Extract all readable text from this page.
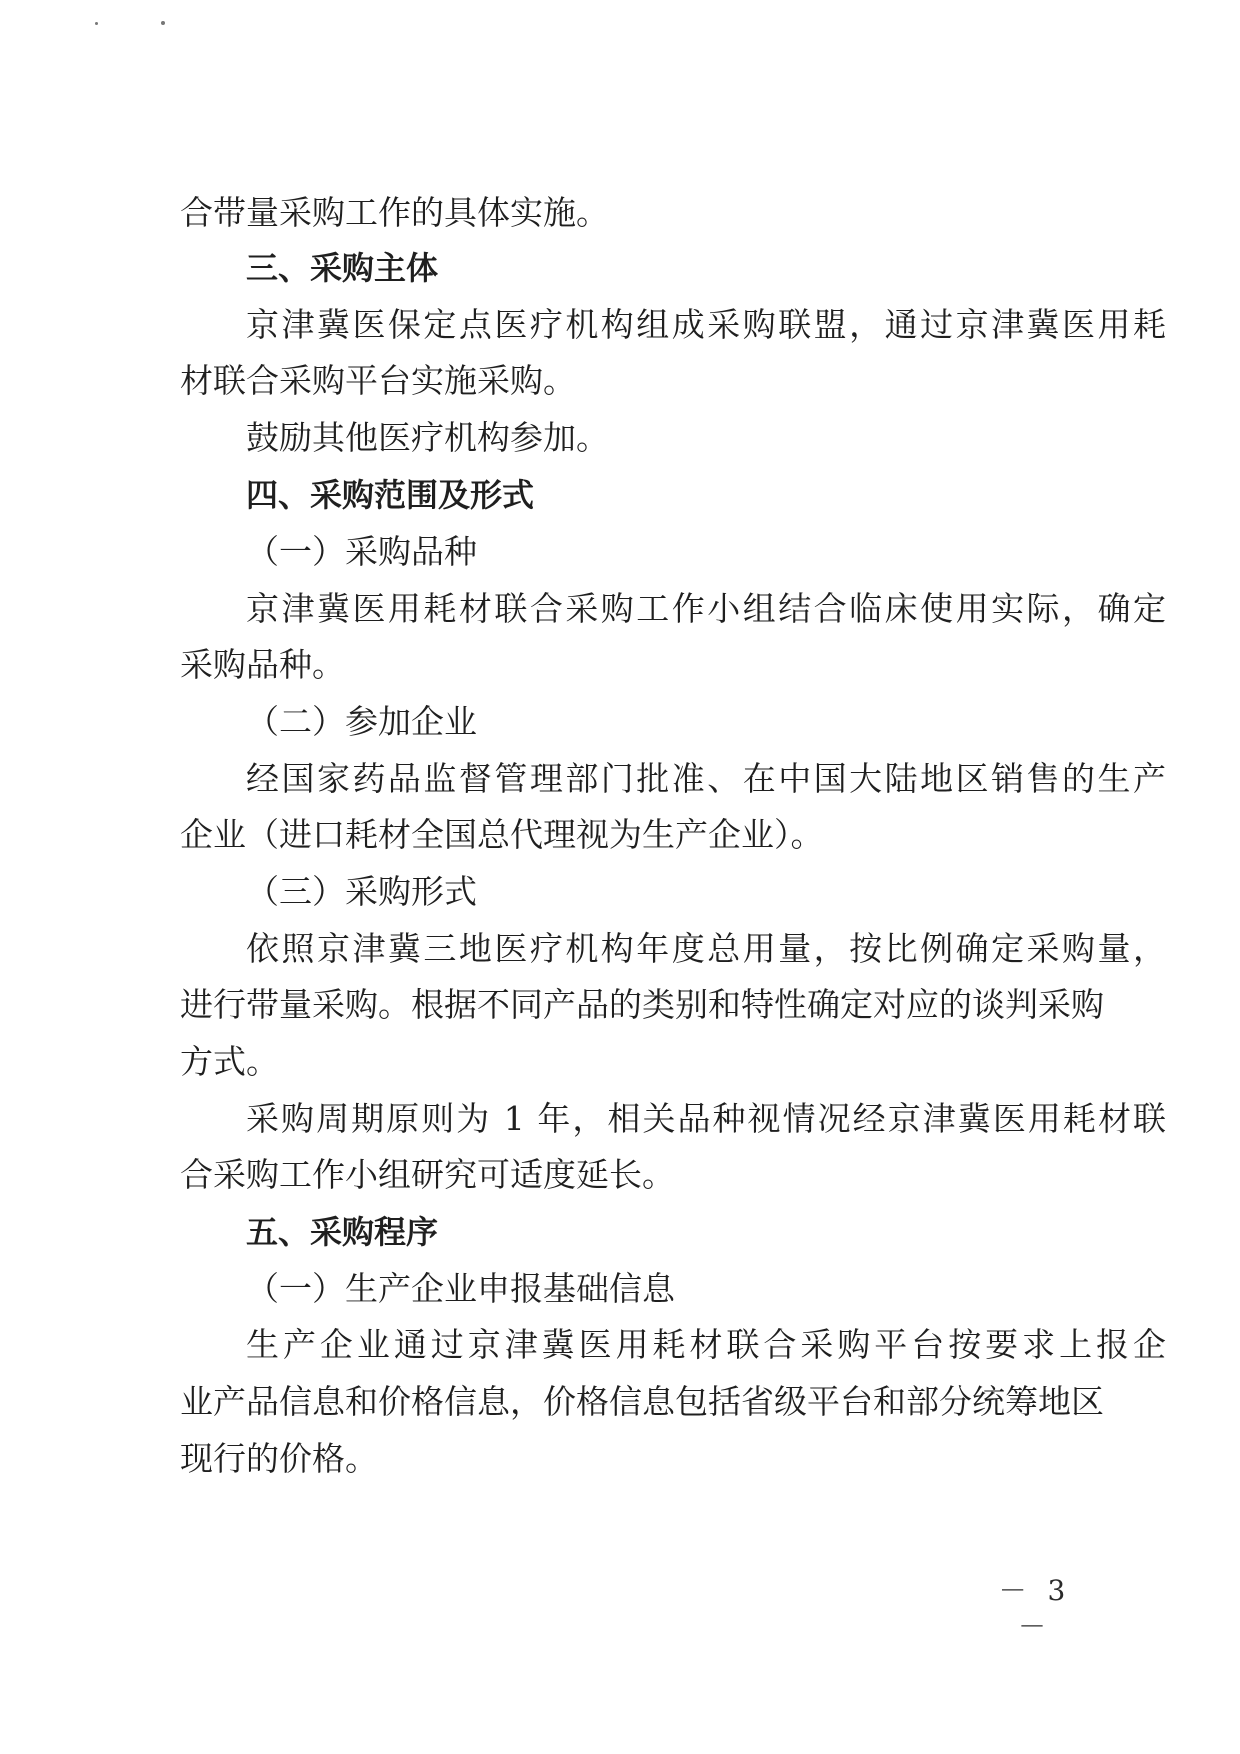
合带量采购工作的具体实施。
三、采购主体
京津冀医保定点医疗机构组成采购联盟，通过京津冀医用耗
材联合采购平台实施采购。
鼓励其他医疗机构参加。
四、采购范围及形式
（一）采购品种
京津冀医用耗材联合采购工作小组结合临床使用实际，确定
采购品种。
（二）参加企业
经国家药品监督管理部门批准、在中国大陆地区销售的生产
企业（进口耗材全国总代理视为生产企业）。
（三）采购形式
依照京津冀三地医疗机构年度总用量，按比例确定采购量，
进行带量采购。根据不同产品的类别和特性确定对应的谈判采购
方式。
采购周期原则为 1 年，相关品种视情况经京津冀医用耗材联
合采购工作小组研究可适度延长。
五、采购程序
（一）生产企业申报基础信息
生产企业通过京津冀医用耗材联合采购平台按要求上报企
业产品信息和价格信息，价格信息包括省级平台和部分统筹地区
现行的价格。
－ 3 －
